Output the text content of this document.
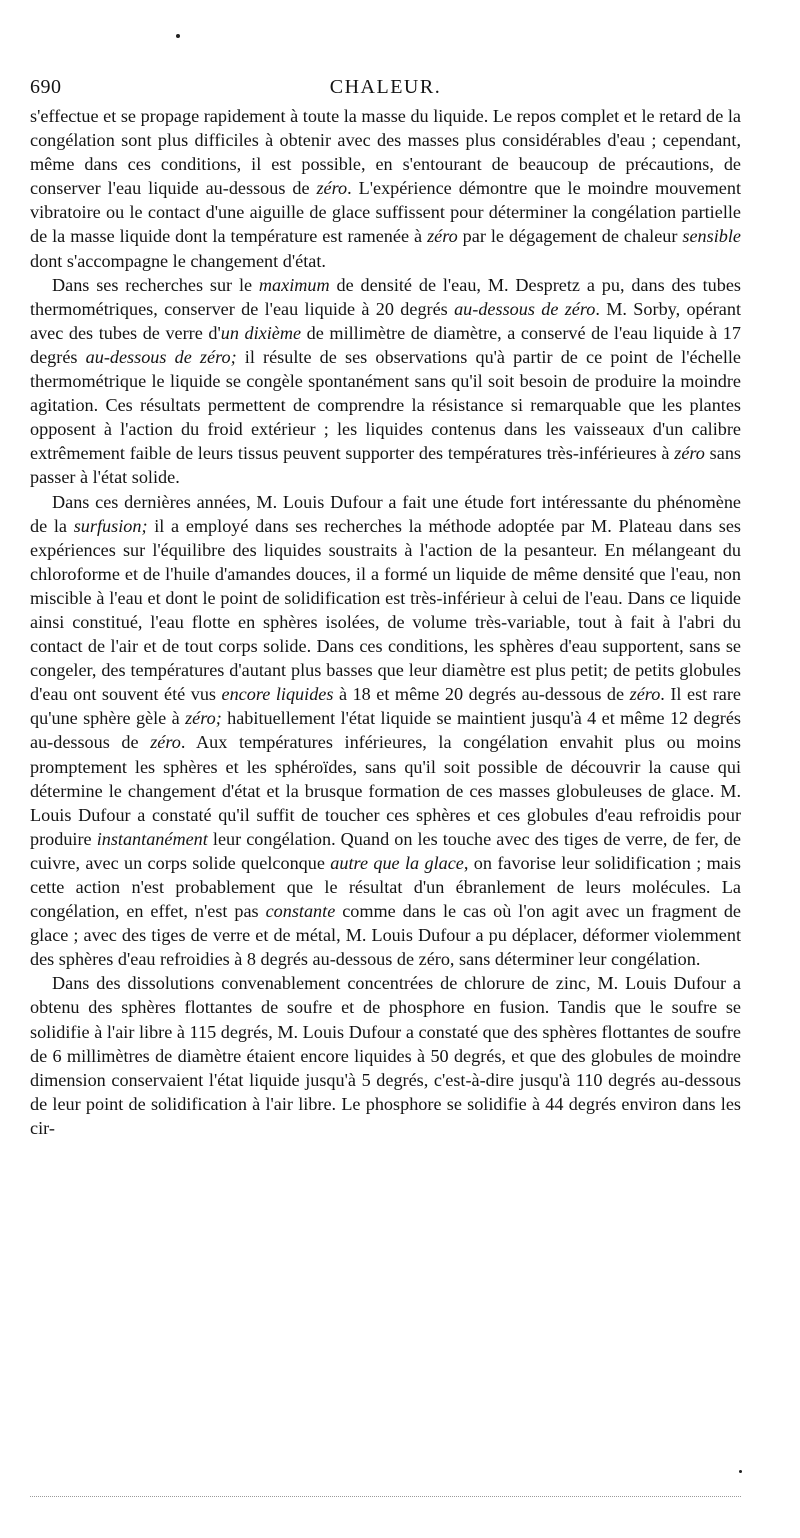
690	CHALEUR.

s'effectue et se propage rapidement à toute la masse du liquide. Le repos complet et le retard de la congélation sont plus difficiles à obtenir avec des masses plus considérables d'eau ; cependant, même dans ces conditions, il est possible, en s'entourant de beaucoup de précautions, de conserver l'eau liquide au-dessous de zéro. L'expérience démontre que le moindre mouvement vibratoire ou le contact d'une aiguille de glace suffissent pour déterminer la congélation partielle de la masse liquide dont la température est ramenée à zéro par le dégagement de chaleur sensible dont s'accompagne le changement d'état.

Dans ses recherches sur le maximum de densité de l'eau, M. Despretz a pu, dans des tubes thermométriques, conserver de l'eau liquide à 20 degrés au-dessous de zéro. M. Sorby, opérant avec des tubes de verre d'un dixième de millimètre de diamètre, a conservé de l'eau liquide à 17 degrés au-dessous de zéro; il résulte de ses observations qu'à partir de ce point de l'échelle thermométrique le liquide se congèle spontanément sans qu'il soit besoin de produire la moindre agitation. Ces résultats permettent de comprendre la résistance si remarquable que les plantes opposent à l'action du froid extérieur ; les liquides contenus dans les vaisseaux d'un calibre extrêmement faible de leurs tissus peuvent supporter des températures très-inférieures à zéro sans passer à l'état solide.

Dans ces dernières années, M. Louis Dufour a fait une étude fort intéressante du phénomène de la surfusion; il a employé dans ses recherches la méthode adoptée par M. Plateau dans ses expériences sur l'équilibre des liquides soustraits à l'action de la pesanteur. En mélangeant du chloroforme et de l'huile d'amandes douces, il a formé un liquide de même densité que l'eau, non miscible à l'eau et dont le point de solidification est très-inférieur à celui de l'eau. Dans ce liquide ainsi constitué, l'eau flotte en sphères isolées, de volume très-variable, tout à fait à l'abri du contact de l'air et de tout corps solide. Dans ces conditions, les sphères d'eau supportent, sans se congeler, des températures d'autant plus basses que leur diamètre est plus petit; de petits globules d'eau ont souvent été vus encore liquides à 18 et même 20 degrés au-dessous de zéro. Il est rare qu'une sphère gèle à zéro; habituellement l'état liquide se maintient jusqu'à 4 et même 12 degrés au-dessous de zéro. Aux températures inférieures, la congélation envahit plus ou moins promptement les sphères et les sphéroïdes, sans qu'il soit possible de découvrir la cause qui détermine le changement d'état et la brusque formation de ces masses globuleuses de glace. M. Louis Dufour a constaté qu'il suffit de toucher ces sphères et ces globules d'eau refroidis pour produire instantanément leur congélation. Quand on les touche avec des tiges de verre, de fer, de cuivre, avec un corps solide quelconque autre que la glace, on favorise leur solidification ; mais cette action n'est probablement que le résultat d'un ébranlement de leurs molécules. La congélation, en effet, n'est pas constante comme dans le cas où l'on agit avec un fragment de glace ; avec des tiges de verre et de métal, M. Louis Dufour a pu déplacer, déformer violemment des sphères d'eau refroidies à 8 degrés au-dessous de zéro, sans déterminer leur congélation.

Dans des dissolutions convenablement concentrées de chlorure de zinc, M. Louis Dufour a obtenu des sphères flottantes de soufre et de phosphore en fusion. Tandis que le soufre se solidifie à l'air libre à 115 degrés, M. Louis Dufour a constaté que des sphères flottantes de soufre de 6 millimètres de diamètre étaient encore liquides à 50 degrés, et que des globules de moindre dimension conservaient l'état liquide jusqu'à 5 degrés, c'est-à-dire jusqu'à 110 degrés au-dessous de leur point de solidification à l'air libre. Le phosphore se solidifie à 44 degrés environ dans les cir-
